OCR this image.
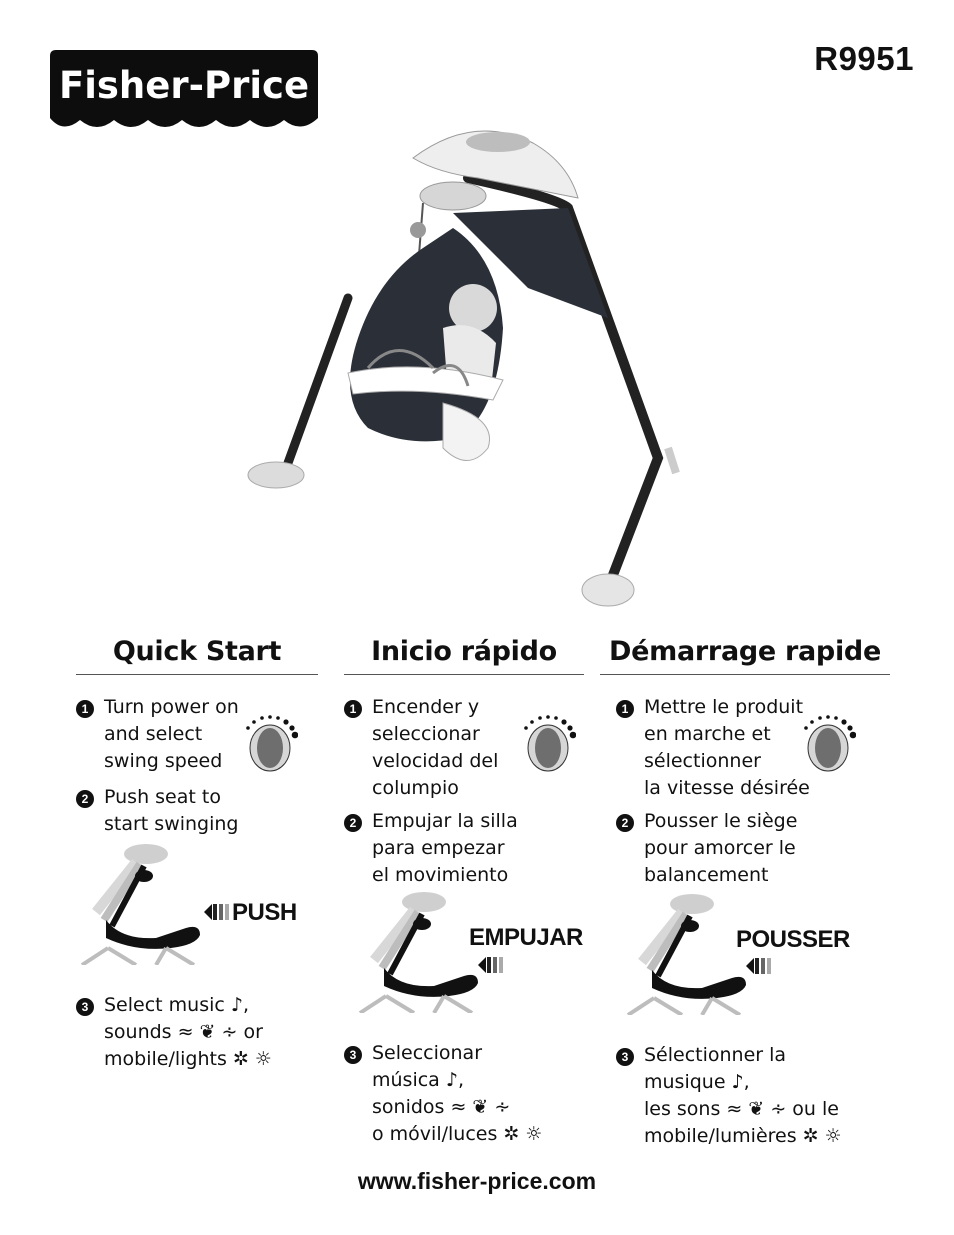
Fisher-Price
R9951
Quick Start
1 Turn power on
and select
swing speed
2 Push seat to
start swinging
PUSH
3 Select music ♪,
sounds ≈ ❦ ∻ or
mobile/lights ✲ ☼
Inicio rápido
1 Encender y
seleccionar
velocidad del
columpio
2 Empujar la silla
para empezar
el movimiento
EMPUJAR
3 Seleccionar
música ♪,
sonidos ≈ ❦ ∻
o móvil/luces ✲ ☼
Démarrage rapide
1 Mettre le produit
en marche et
sélectionner
la vitesse désirée
2 Pousser le siège
pour amorcer le
balancement
POUSSER
3 Sélectionner la
musique ♪,
les sons ≈ ❦ ∻ ou le
mobile/lumières ✲ ☼
www.fisher-price.com
